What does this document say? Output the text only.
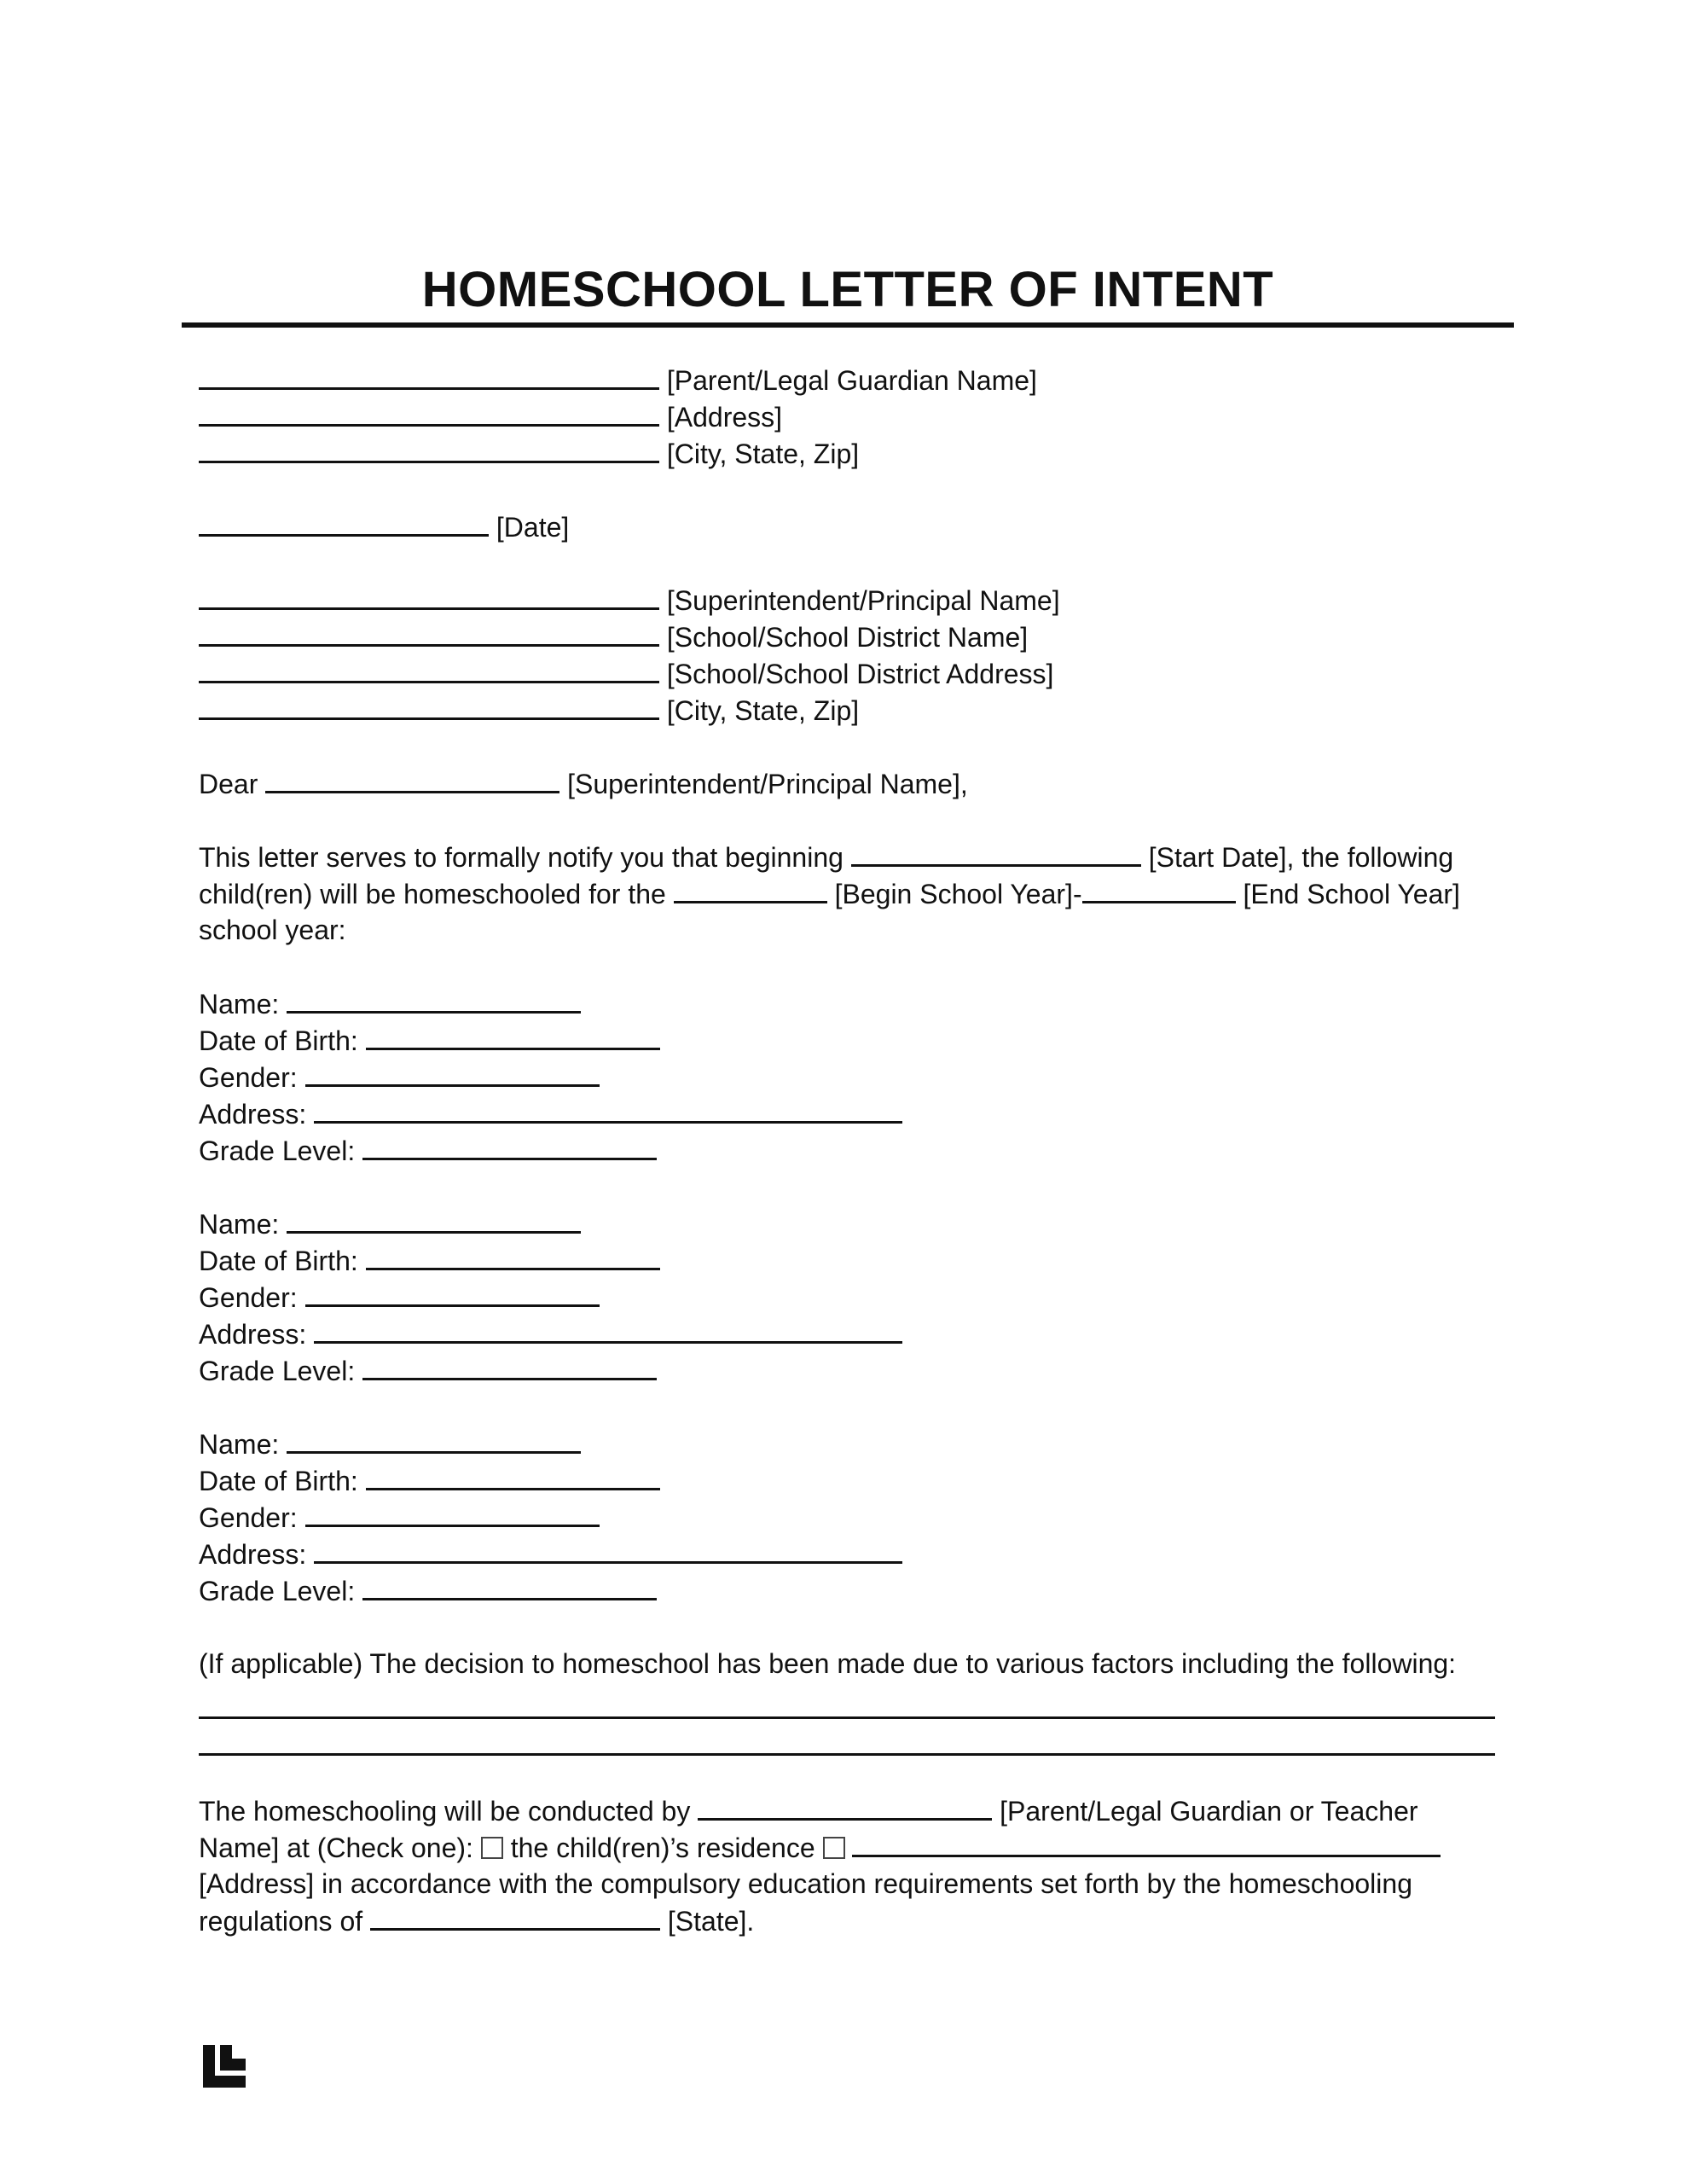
HOMESCHOOL LETTER OF INTENT
[Parent/Legal Guardian Name]
[Address]
[City, State, Zip]
[Date]
[Superintendent/Principal Name]
[School/School District Name]
[School/School District Address]
[City, State, Zip]
Dear	[Superintendent/Principal Name],
This letter serves to formally notify you that beginning	[Start Date], the following
child(ren) will be homeschooled for the	[Begin School Year]-	[End School Year]
school year:
Name:
Date of Birth:
Gender:
Address:
Grade Level:
Name:
Date of Birth:
Gender:
Address:
Grade Level:
Name:
Date of Birth:
Gender:
Address:
Grade Level:
(If applicable) The decision to homeschool has been made due to various factors including the following:
The homeschooling will be conducted by	[Parent/Legal Guardian or Teacher
Name] at (Check one): the child(ren)’s residence
[Address] in accordance with the compulsory education requirements set forth by the homeschooling
regulations of	[State].
